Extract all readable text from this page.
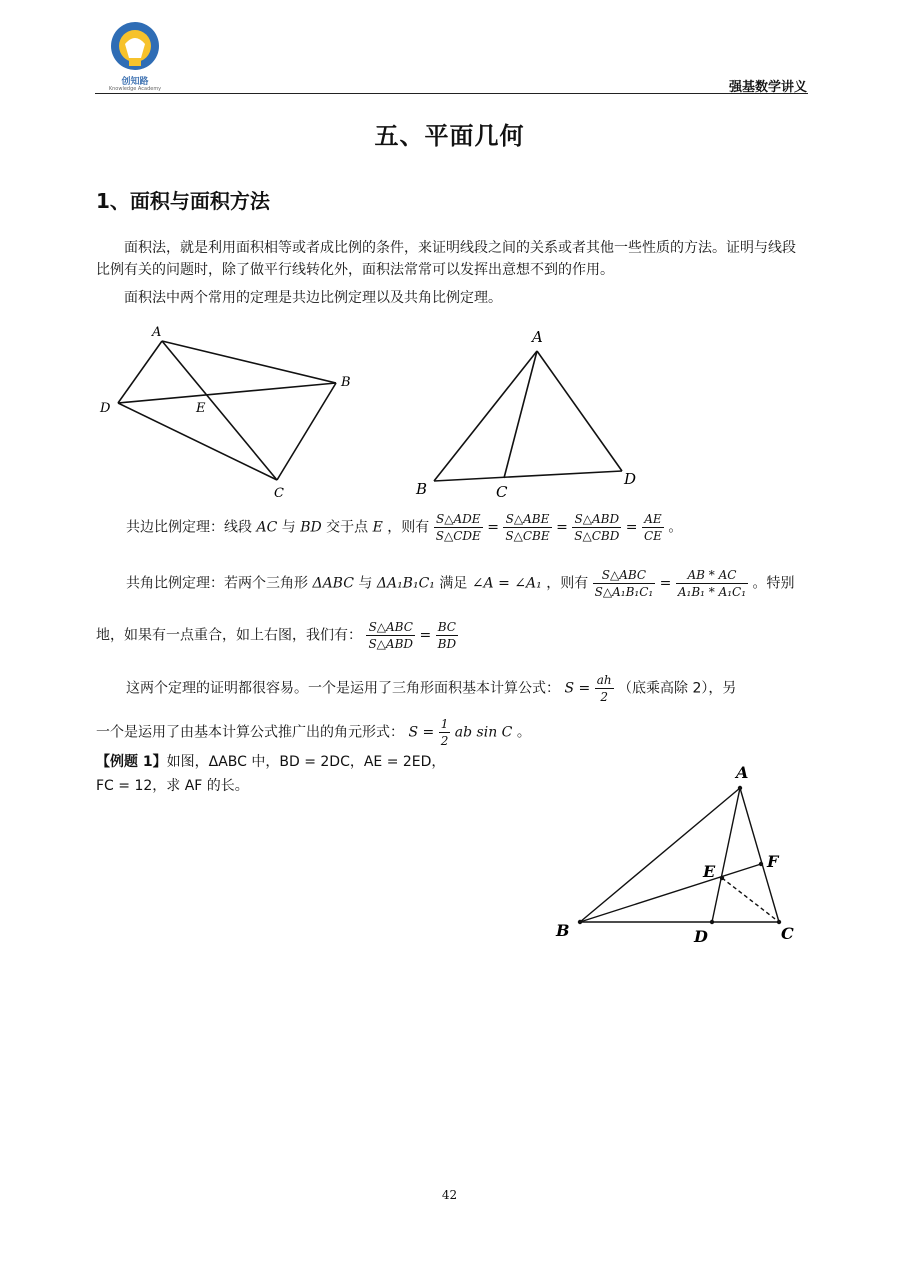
创知路
Knowledge Academy	强基数学讲义
五、平面几何
1、面积与面积方法
面积法，就是利用面积相等或者成比例的条件，来证明线段之间的关系或者其他一些性质的方法。证明与线段比例有关的问题时，除了做平行线转化外，面积法常常可以发挥出意想不到的作用。
面积法中两个常用的定理是共边比例定理以及共角比例定理。
A
B
C
D	E
A
B	C
D
共边比例定理：线段 AC 与 BD 交于点 E ，则有 $\frac{\text{S△ADE}}{\text{S△CDE}} = \frac{\text{S△ABE}}{\text{S△CBE}} = \frac{\text{S△ABD}}{\text{S△CBD}} = \frac{AE}{CE}$ 。
共角比例定理：若两个三角形 ΔABC 与 ΔA₁B₁C₁ 满足 ∠A = ∠A₁ ，则有 $\frac{\text{S△ABC}}{\text{S△A₁B₁C₁}} = \frac{AB * AC}{\text{A₁B₁ * A₁C₁}}$ 。特别
地，如果有一点重合，如上右图，我们有： $\frac{\text{S△ABC}}{\text{S△ABD}} = \frac{BC}{BD}$
这两个定理的证明都很容易。一个是运用了三角形面积基本计算公式： $S = \frac{ah}{2}$ （底乘高除 2），另
一个是运用了由基本计算公式推广出的角元形式： $S = \frac{1}{2}$ ab sin C 。
【例题 1】如图，ΔABC 中，BD = 2DC，AE = 2ED，
FC = 12，求 AF 的长。
A
B	C
D
E
F
42
